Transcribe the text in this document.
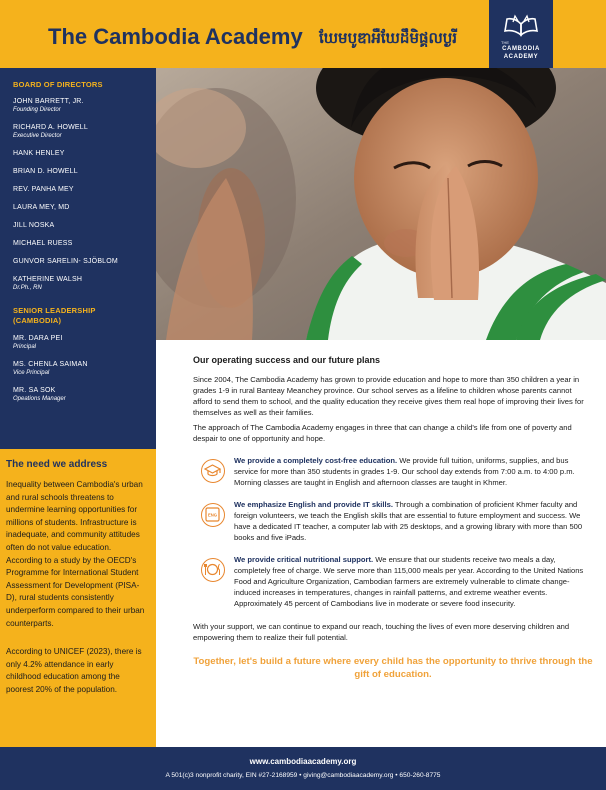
The Cambodia Academy ឃែមបូឌាអឺឃែដឹមិផ្គលប្ងរី	THE
CAMBODIA
ACADEMY
BOARD OF DIRECTORS
JOHN BARRETT, JR.
Founding Director
RICHARD A. HOWELL
Executive Director
HANK HENLEY
BRIAN D. HOWELL
REV. PANHA MEY
LAURA MEY, MD
JILL NOSKA
MICHAEL RUESS
GUNVOR SARELIN- SJÖBLOM
KATHERINE WALSH
Dr.Ph., RN
SENIOR LEADERSHIP
(CAMBODIA)
MR. DARA PEI
Principal
MS. CHENLA SAIMAN
Vice Principal
MR. SA SOK
Opeations Manager
The need we address

Inequality between Cambodia's urban and rural schools threatens to undermine learning opportunities for millions of students. Infrastructure is inadequate, and community attitudes often do not value education. According to a study by the OECD's Programme for International Student Assessment for Development (PISA-D), rural students consistently underperform compared to their urban counterparts.

According to UNICEF (2023), there is only 4.2% attendance in early childhood education among the poorest 20% of the population.

Our operating success and our future plans

Since 2004, The Cambodia Academy has grown to provide education and hope to more than 350 children a year in grades 1-9 in rural Banteay Meanchey province. Our school serves as a lifeline to children whose parents cannot afford to send them to school, and the quality education they receive gives them real hope of improving their lives for themselves as well as their families.

The approach of The Cambodia Academy engages in three that can change a child's life from one of poverty and despair to one of opportunity and hope.

We provide a completely cost-free education. We provide full tuition, uniforms, supplies, and bus service for more than 350 students in grades 1-9. Our school day extends from 7:00 a.m. to 4:00 p.m. Morning classes are taught in English and afternoon classes are taught in Khmer.

ENG

We emphasize English and provide IT skills. Through a combination of proficient Khmer faculty and foreign volunteers, we teach the English skills that are essential to future employment and success. We have a dedicated IT teacher, a computer lab with 25 desktops, and a growing library with more than 500 books and five iPads.

We provide critical nutritional support. We ensure that our students receive two meals a day, completely free of charge. We serve more than 115,000 meals per year. According to the United Nations Food and Agriculture Organization, Cambodian farmers are extremely vulnerable to climate change-induced increases in temperatures, changes in rainfall patterns, and extreme weather events. Approximately 45 percent of Cambodians live in moderate or severe food insecurity.

With your support, we can continue to expand our reach, touching the lives of even more deserving children and empowering them to realize their full potential.

Together, let's build a future where every child has the opportunity to thrive through the gift of education.

www.cambodiaacademy.org
A 501(c)3 nonprofit charity, EIN #27-2168959 • giving@cambodiaacademy.org • 650-260-8775
